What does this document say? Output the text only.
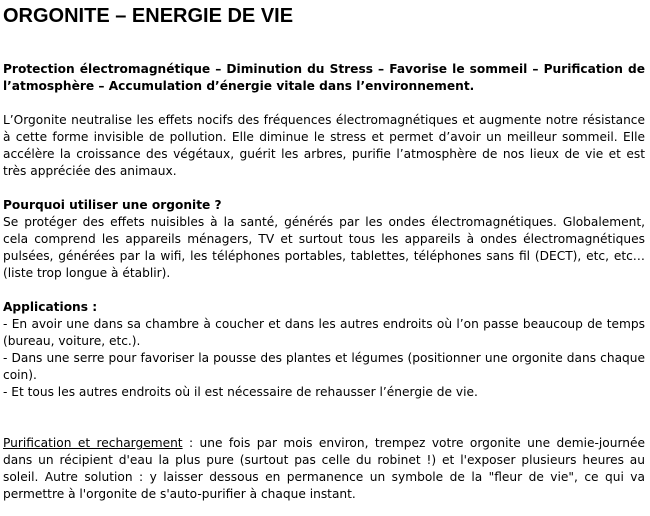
ORGONITE – ENERGIE DE VIE

Protection électromagnétique – Diminution du Stress – Favorise le sommeil – Purification de l’atmosphère – Accumulation d’énergie vitale dans l’environnement.

L’Orgonite neutralise les effets nocifs des fréquences électromagnétiques et augmente notre résistance à cette forme invisible de pollution. Elle diminue le stress et permet d’avoir un meilleur sommeil. Elle accélère la croissance des végétaux, guérit les arbres, purifie l’atmosphère de nos lieux de vie et est très appréciée des animaux.

Pourquoi utiliser une orgonite ?

Se protéger des effets nuisibles à la santé, générés par les ondes électromagnétiques. Globalement, cela comprend les appareils ménagers, TV et surtout tous les appareils à ondes électromagnétiques pulsées, générées par la wifi, les téléphones portables, tablettes, téléphones sans fil (DECT), etc, etc… (liste trop longue à établir).

Applications :

- En avoir une dans sa chambre à coucher et dans les autres endroits où l’on passe beaucoup de temps (bureau, voiture, etc.).
- Dans une serre pour favoriser la pousse des plantes et légumes (positionner une orgonite dans chaque coin).
- Et tous les autres endroits où il est nécessaire de rehausser l’énergie de vie.

Purification et rechargement : une fois par mois environ, trempez votre orgonite une demie-journée dans un récipient d'eau la plus pure (surtout pas celle du robinet !) et l'exposer plusieurs heures au soleil. Autre solution : y laisser dessous en permanence un symbole de la "fleur de vie", ce qui va permettre à l'orgonite de s'auto-purifier à chaque instant.
